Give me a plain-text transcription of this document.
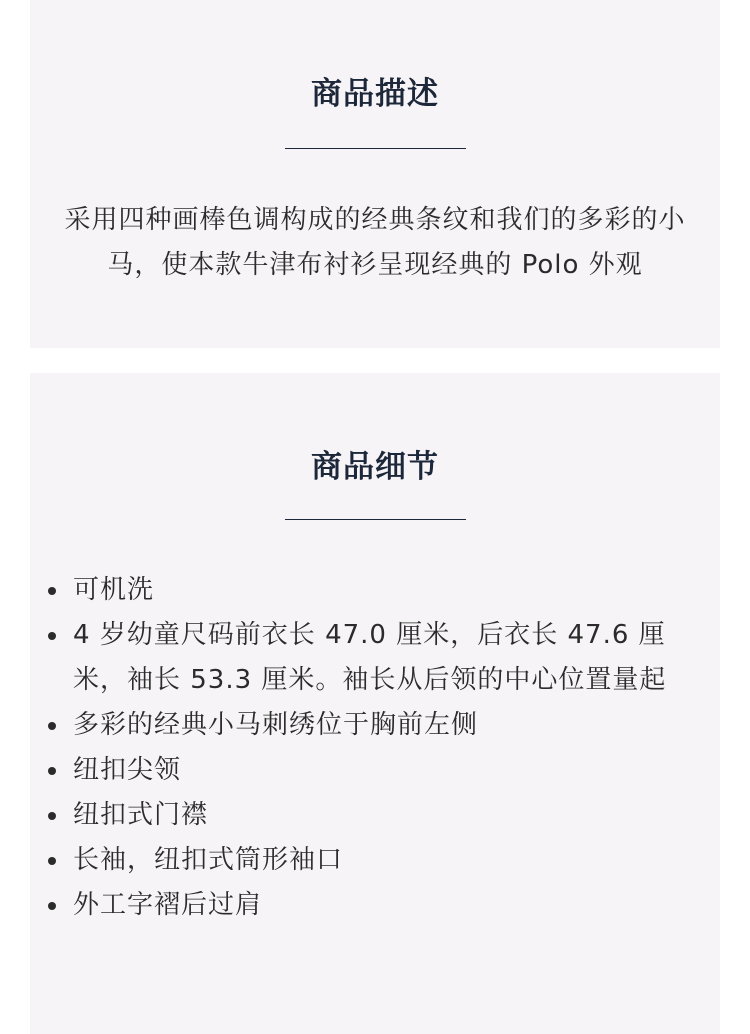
商品描述
采用四种画棒色调构成的经典条纹和我们的多彩的小马，使本款牛津布衬衫呈现经典的 Polo 外观
商品细节
可机洗
4 岁幼童尺码前衣长 47.0 厘米，后衣长 47.6 厘米，袖长 53.3 厘米。袖长从后领的中心位置量起
多彩的经典小马刺绣位于胸前左侧
纽扣尖领
纽扣式门襟
长袖，纽扣式筒形袖口
外工字褶后过肩
